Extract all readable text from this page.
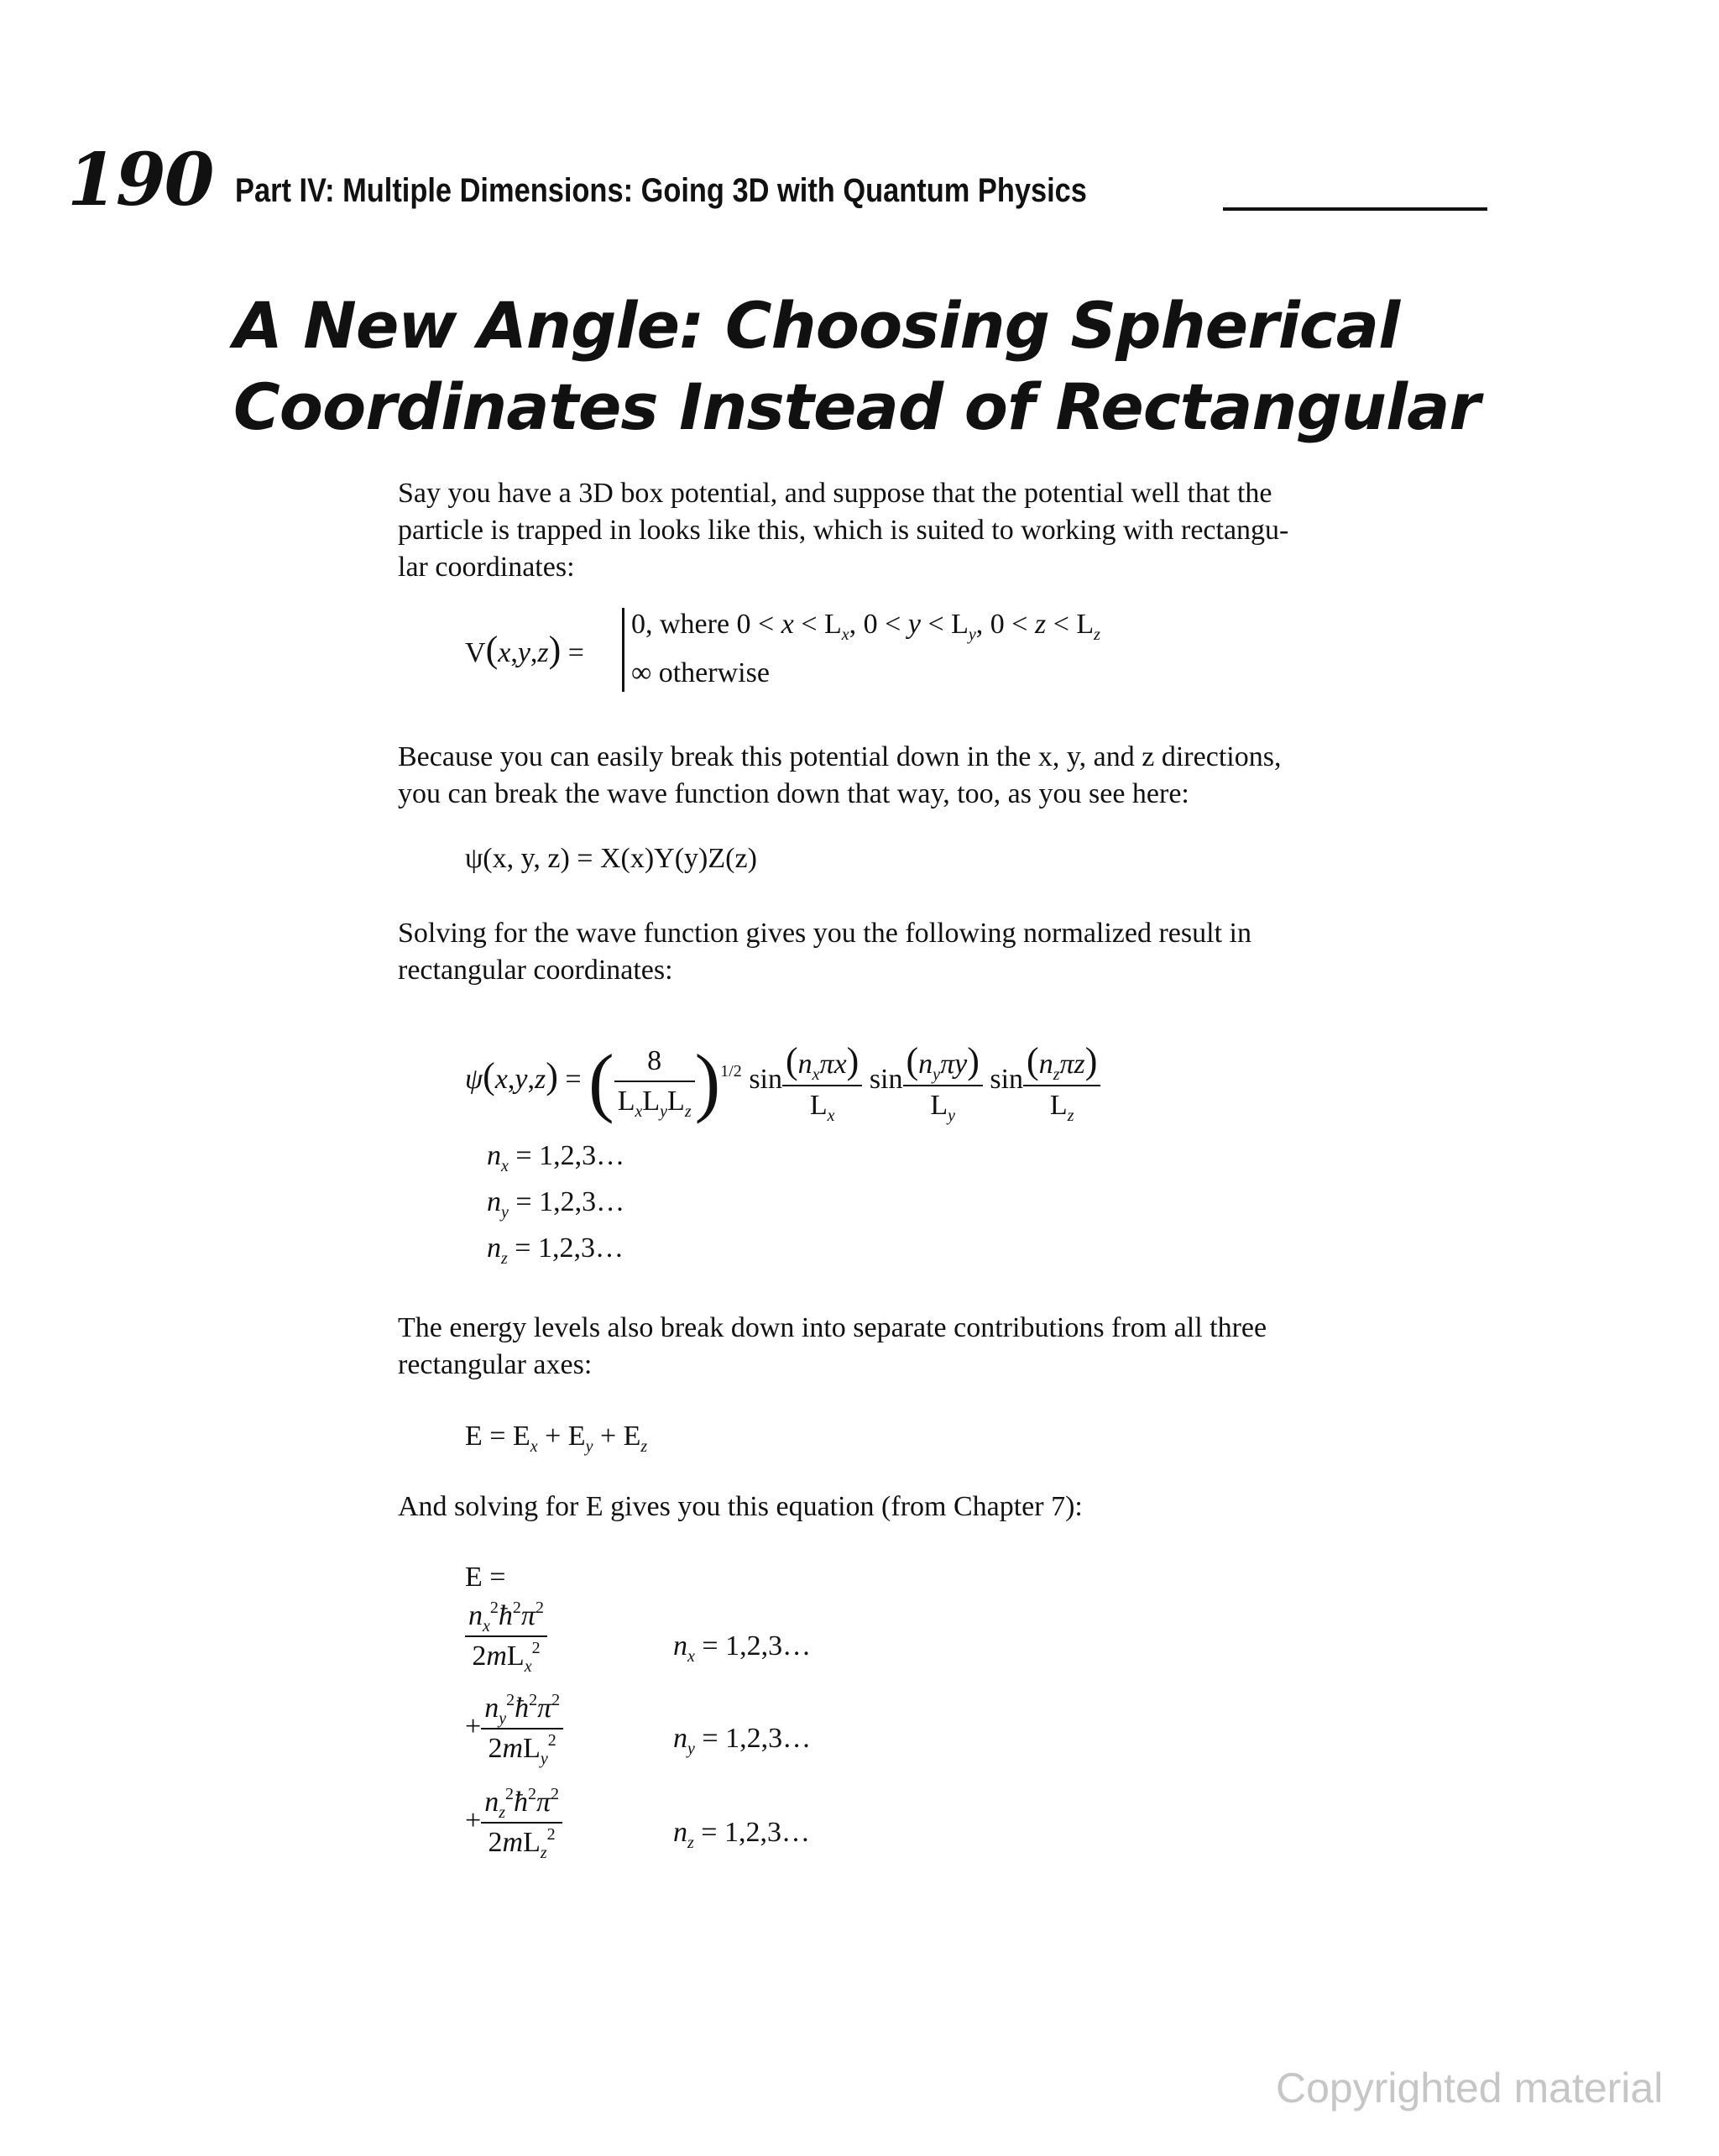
190 Part IV: Multiple Dimensions: Going 3D with Quantum Physics
A New Angle: Choosing Spherical
Coordinates Instead of Rectangular
Say you have a 3D box potential, and suppose that the potential well that the
particle is trapped in looks like this, which is suited to working with rectangu-
lar coordinates:
V(x,y,z) =
0, where $0 < x < L_x$, $0 < y < L_y$, $0 < z < L_z$
∞ otherwise
Because you can easily break this potential down in the x, y, and z directions,
you can break the wave function down that way, too, as you see here:
ψ(x, y, z) = X(x)Y(y)Z(z)
Solving for the wave function gives you the following normalized result in
rectangular coordinates:
ψ(x,y,z) = ( $\frac{8}{L_xL_yL_z} )^{1/2}$ $\sin \frac{(n_x\pi x)}{L_x}$ $\sin \frac{(n_y\pi y)}{L_y}$ $\sin \frac{(n_z\pi z)}{L_z}$
$n_x$ = 1,2,3…
$n_y$ = 1,2,3…
$n_z$ = 1,2,3…
The energy levels also break down into separate contributions from all three
rectangular axes:
$E = E_x + E_y + E_z$
And solving for E gives you this equation (from Chapter 7):
E =
$\frac{n_x^2ħ^2\pi^2}{2mL_x^2}$
+ $\frac{n_y^2ħ^2\pi^2}{2mL_y^2}$
+ $\frac{n_z^2ħ^2\pi^2}{2mL_z^2}$
$n_x$ = 1,2,3…
$n_y$ = 1,2,3…
$n_z$ = 1,2,3…
Copyrighted material
